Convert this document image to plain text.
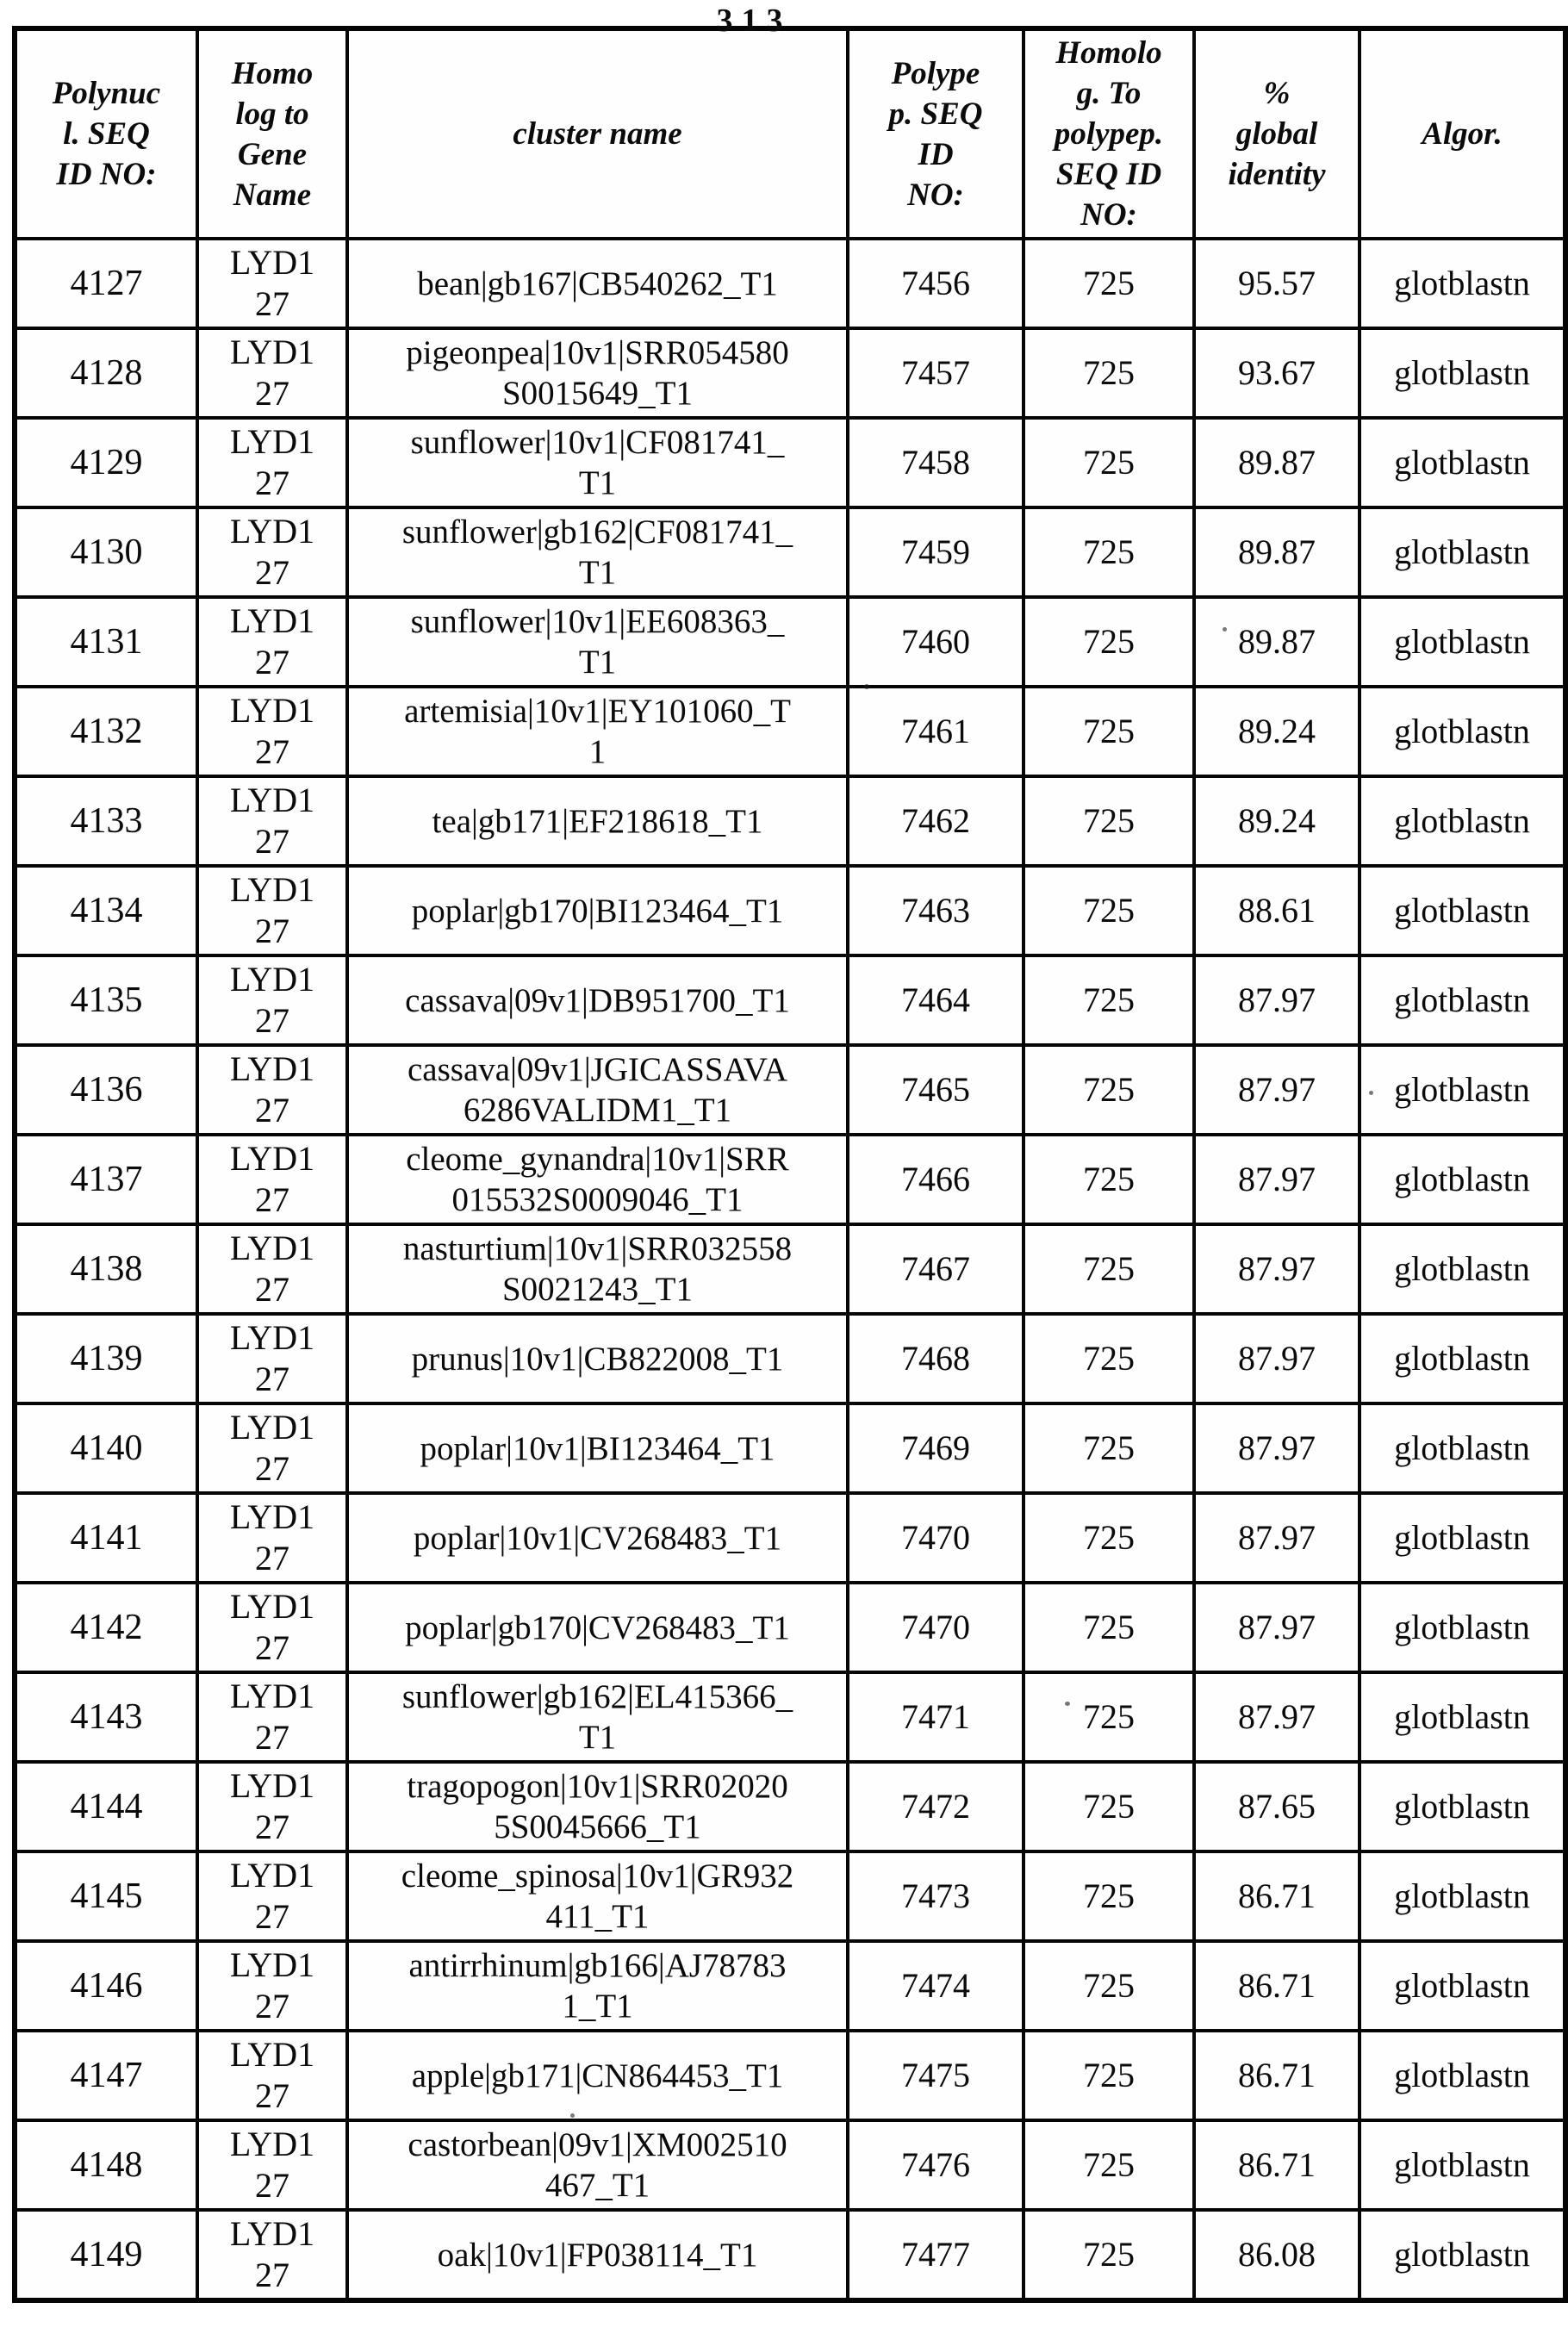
313
Polynuc
l. SEQ
ID NO:	Homo
log to
Gene
Name	cluster name	Polype
p. SEQ
ID
NO:	Homolo
g. To
polypep.
SEQ ID
NO:	%
global
identity	Algor.
4127	LYD1
27	bean|gb167|CB540262_T1	7456	725	95.57	glotblastn
4128	LYD1
27	pigeonpea|10v1|SRR054580
S0015649_T1	7457	725	93.67	glotblastn
4129	LYD1
27	sunflower|10v1|CF081741_
T1	7458	725	89.87	glotblastn
4130	LYD1
27	sunflower|gb162|CF081741_
T1	7459	725	89.87	glotblastn
4131	LYD1
27	sunflower|10v1|EE608363_
T1	7460	725	89.87	glotblastn
4132	LYD1
27	artemisia|10v1|EY101060_T
1	7461	725	89.24	glotblastn
4133	LYD1
27	tea|gb171|EF218618_T1	7462	725	89.24	glotblastn
4134	LYD1
27	poplar|gb170|BI123464_T1	7463	725	88.61	glotblastn
4135	LYD1
27	cassava|09v1|DB951700_T1	7464	725	87.97	glotblastn
4136	LYD1
27	cassava|09v1|JGICASSAVA
6286VALIDM1_T1	7465	725	87.97	glotblastn
4137	LYD1
27	cleome_gynandra|10v1|SRR
015532S0009046_T1	7466	725	87.97	glotblastn
4138	LYD1
27	nasturtium|10v1|SRR032558
S0021243_T1	7467	725	87.97	glotblastn
4139	LYD1
27	prunus|10v1|CB822008_T1	7468	725	87.97	glotblastn
4140	LYD1
27	poplar|10v1|BI123464_T1	7469	725	87.97	glotblastn
4141	LYD1
27	poplar|10v1|CV268483_T1	7470	725	87.97	glotblastn
4142	LYD1
27	poplar|gb170|CV268483_T1	7470	725	87.97	glotblastn
4143	LYD1
27	sunflower|gb162|EL415366_
T1	7471	725	87.97	glotblastn
4144	LYD1
27	tragopogon|10v1|SRR02020
5S0045666_T1	7472	725	87.65	glotblastn
4145	LYD1
27	cleome_spinosa|10v1|GR932
411_T1	7473	725	86.71	glotblastn
4146	LYD1
27	antirrhinum|gb166|AJ78783
1_T1	7474	725	86.71	glotblastn
4147	LYD1
27	apple|gb171|CN864453_T1	7475	725	86.71	glotblastn
4148	LYD1
27	castorbean|09v1|XM002510
467_T1	7476	725	86.71	glotblastn
4149	LYD1
27	oak|10v1|FP038114_T1	7477	725	86.08	glotblastn
